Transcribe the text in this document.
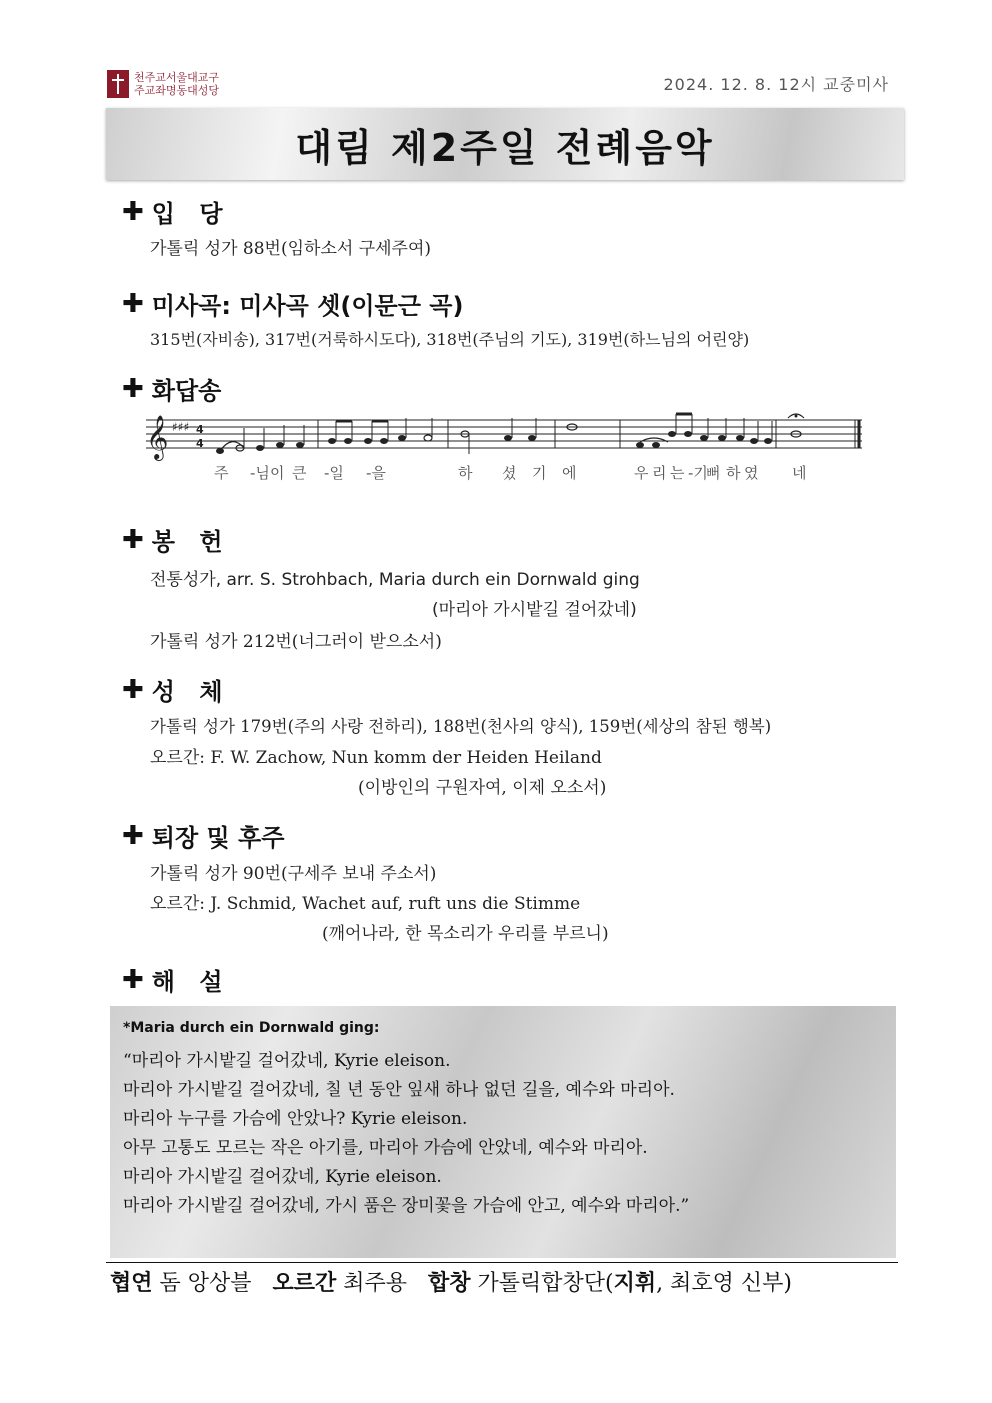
천주교서울대교구
주교좌명동대성당	2024. 12. 8. 12시 교중미사
대림 제2주일 전례음악
✚ 입 당
가톨릭 성가 88번(임하소서 구세주여)
✚ 미사곡: 미사곡 셋(이문근 곡)
315번(자비송), 317번(거룩하시도다), 318번(주님의 기도), 319번(하느님의 어린양)
✚ 화답송
𝄞 ♯♯♯ 4
4
주 -님 이 큰 -일 -을	하 셨 기 에	우 리 는 -기
뻐 하 였 네
✚ 봉 헌
전통성가, arr. S. Strohbach, Maria durch ein Dornwald ging
(마리아 가시밭길 걸어갔네)
가톨릭 성가 212번(너그러이 받으소서)
✚ 성 체
가톨릭 성가 179번(주의 사랑 전하리), 188번(천사의 양식), 159번(세상의 참된 행복)
오르간: F. W. Zachow, Nun komm der Heiden Heiland
(이방인의 구원자여, 이제 오소서)
✚ 퇴장 및 후주
가톨릭 성가 90번(구세주 보내 주소서)
오르간: J. Schmid, Wachet auf, ruft uns die Stimme
(깨어나라, 한 목소리가 우리를 부르니)
✚ 해 설
*Maria durch ein Dornwald ging:
“마리아 가시밭길 걸어갔네, Kyrie eleison.
마리아 가시밭길 걸어갔네, 칠 년 동안 잎새 하나 없던 길을, 예수와 마리아.
마리아 누구를 가슴에 안았나? Kyrie eleison.
아무 고통도 모르는 작은 아기를, 마리아 가슴에 안았네, 예수와 마리아.
마리아 가시밭길 걸어갔네, Kyrie eleison.
마리아 가시밭길 걸어갔네, 가시 품은 장미꽃을 가슴에 안고, 예수와 마리아.”
협연 돔 앙상블 오르간 최주용 합창 가톨릭합창단(지휘, 최호영 신부)
